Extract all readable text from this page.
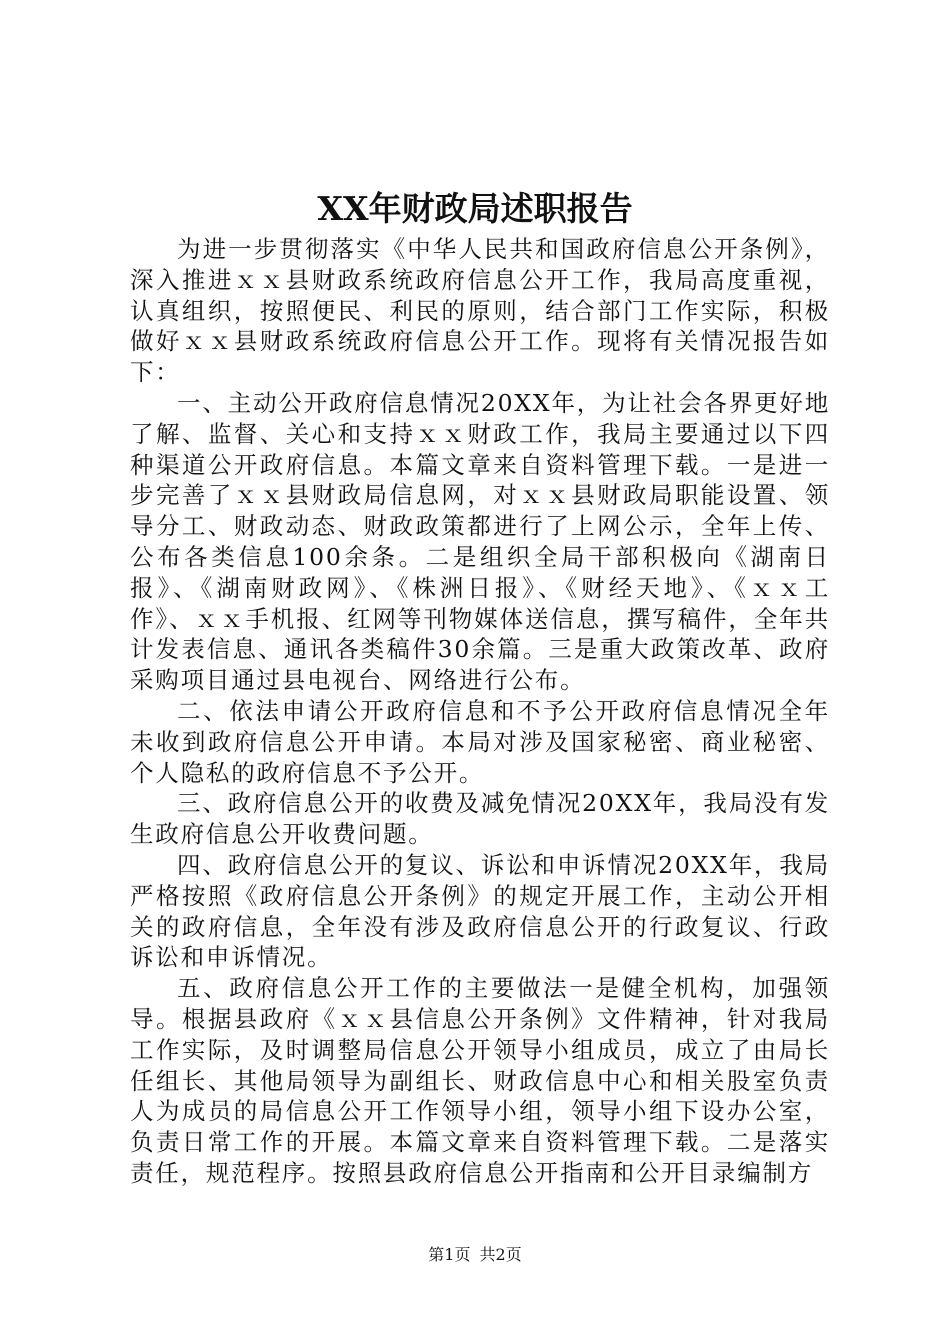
XX年财政局述职报告

为进一步贯彻落实《中华人民共和国政府信息公开条例》，深入推进ｘｘ县财政系统政府信息公开工作，我局高度重视，认真组织，按照便民、利民的原则，结合部门工作实际，积极做好ｘｘ县财政系统政府信息公开工作。现将有关情况报告如下：

一、主动公开政府信息情况20XX年，为让社会各界更好地了解、监督、关心和支持ｘｘ财政工作，我局主要通过以下四种渠道公开政府信息。本篇文章来自资料管理下载。一是进一步完善了ｘｘ县财政局信息网，对ｘｘ县财政局职能设置、领导分工、财政动态、财政政策都进行了上网公示，全年上传、公布各类信息100余条。二是组织全局干部积极向《湖南日报》、《湖南财政网》、《株洲日报》、《财经天地》、《ｘｘ工作》、ｘｘ手机报、红网等刊物媒体送信息，撰写稿件，全年共计发表信息、通讯各类稿件30余篇。三是重大政策改革、政府采购项目通过县电视台、网络进行公布。

二、依法申请公开政府信息和不予公开政府信息情况全年未收到政府信息公开申请。本局对涉及国家秘密、商业秘密、个人隐私的政府信息不予公开。

三、政府信息公开的收费及减免情况20XX年，我局没有发生政府信息公开收费问题。

四、政府信息公开的复议、诉讼和申诉情况20XX年，我局严格按照《政府信息公开条例》的规定开展工作，主动公开相关的政府信息，全年没有涉及政府信息公开的行政复议、行政诉讼和申诉情况。

五、政府信息公开工作的主要做法一是健全机构，加强领导。根据县政府《ｘｘ县信息公开条例》文件精神，针对我局工作实际，及时调整局信息公开领导小组成员，成立了由局长任组长、其他局领导为副组长、财政信息中心和相关股室负责人为成员的局信息公开工作领导小组，领导小组下设办公室，负责日常工作的开展。本篇文章来自资料管理下载。二是落实责任，规范程序。按照县政府信息公开指南和公开目录编制方

第1页 共2页
